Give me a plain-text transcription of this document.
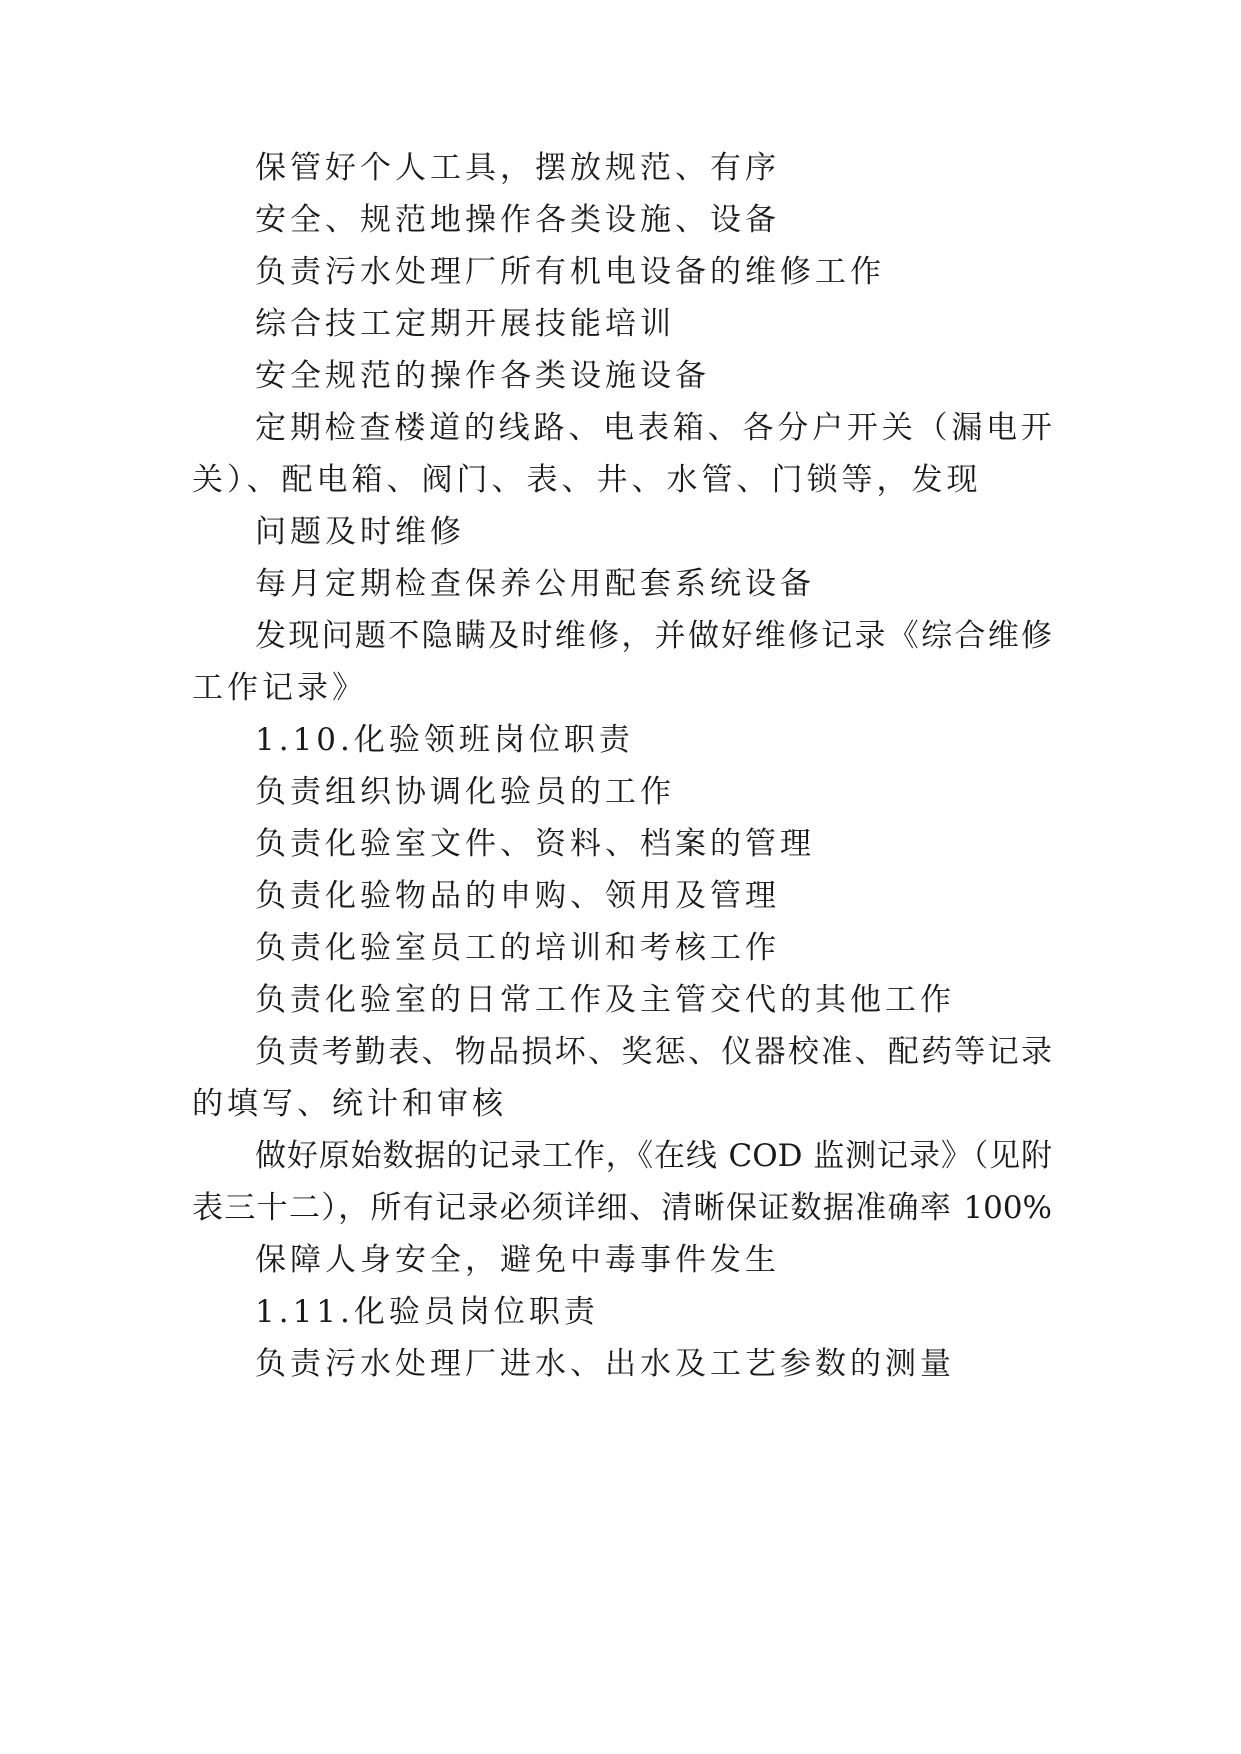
保管好个人工具，摆放规范、有序
安全、规范地操作各类设施、设备
负责污水处理厂所有机电设备的维修工作
综合技工定期开展技能培训
安全规范的操作各类设施设备
定期检查楼道的线路、电表箱、各分户开关（漏电开
关）、配电箱、阀门、表、井、水管、门锁等，发现
问题及时维修
每月定期检查保养公用配套系统设备
发现问题不隐瞒及时维修，并做好维修记录《综合维修
工作记录》
1.10.化验领班岗位职责
负责组织协调化验员的工作
负责化验室文件、资料、档案的管理
负责化验物品的申购、领用及管理
负责化验室员工的培训和考核工作
负责化验室的日常工作及主管交代的其他工作
负责考勤表、物品损坏、奖惩、仪器校准、配药等记录
的填写、统计和审核
做好原始数据的记录工作，《在线 COD 监测记录》（见附
表三十二），所有记录必须详细、清晰保证数据准确率 100%
保障人身安全，避免中毒事件发生
1.11.化验员岗位职责
负责污水处理厂进水、出水及工艺参数的测量
